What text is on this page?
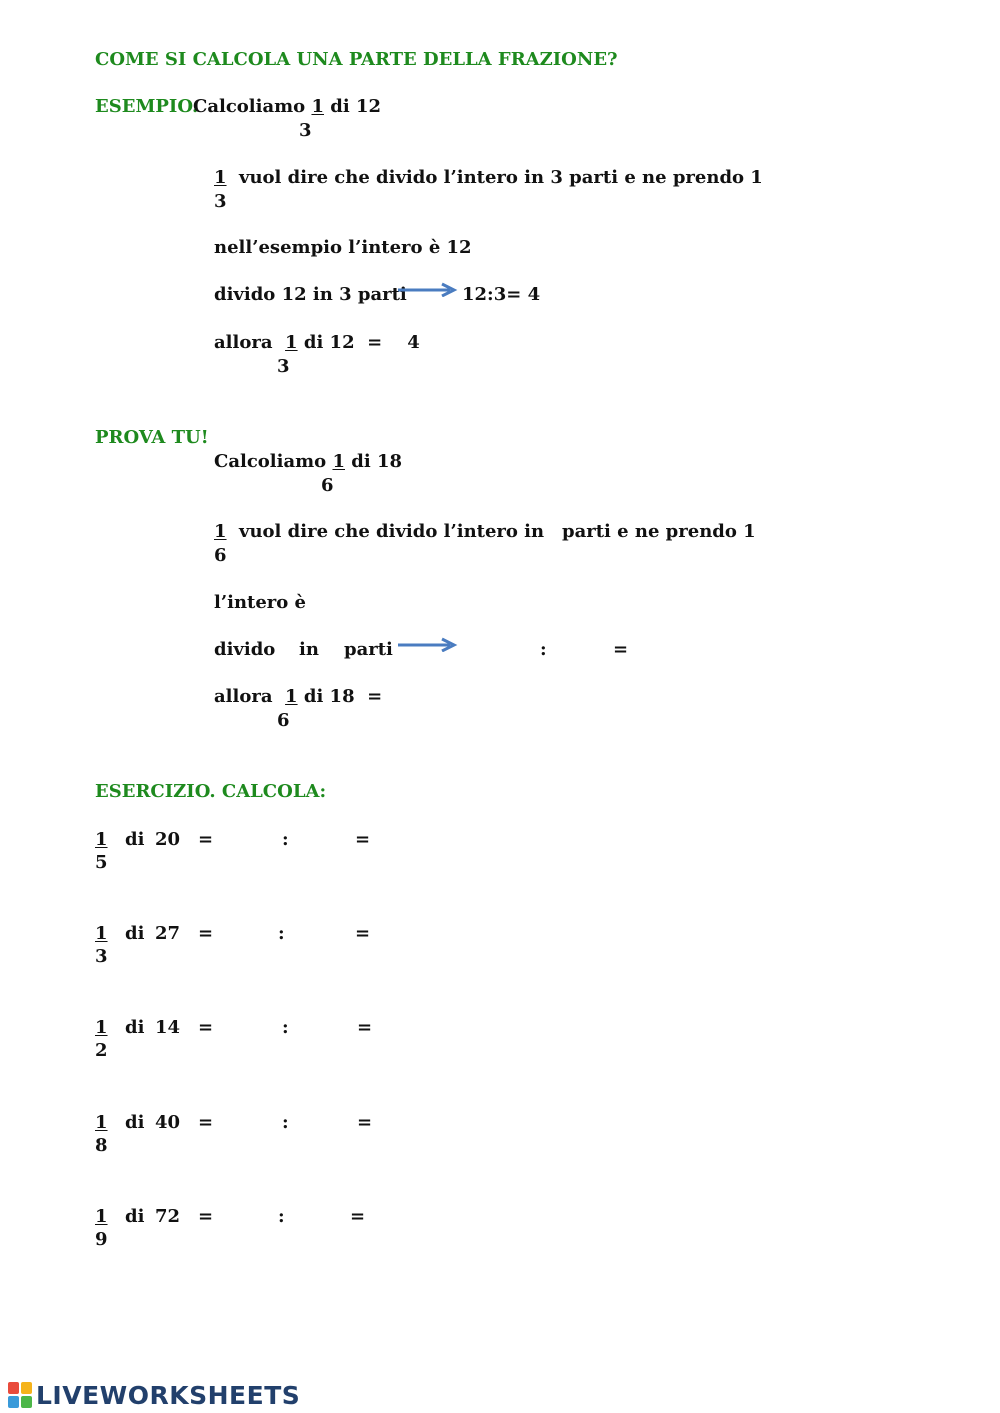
COME SI CALCOLA UNA PARTE DELLA FRAZIONE?
ESEMPIO.
Calcoliamo 1 di 12
3
1
3
vuol dire che divido l’intero in 3 parti e ne prendo 1
nell’esempio l’intero è 12
divido 12 in 3 parti	12:3= 4
allora 1 di 12  =    4
3
PROVA TU!
Calcoliamo 1 di 18
6
1
6
vuol dire che divido l’intero in parti e ne prendo 1
l’intero è
divido in parti	:	=
allora 1 di 18  =
6
ESERCIZIO. CALCOLA:
1
5
di 20 =	:	=
1
3
di 27 =	:	=
1
2
di 14 =	:	=
1
8
di 40 =	:	=
1
9
di 72 =	:	=
LIVEWORKSHEETS
